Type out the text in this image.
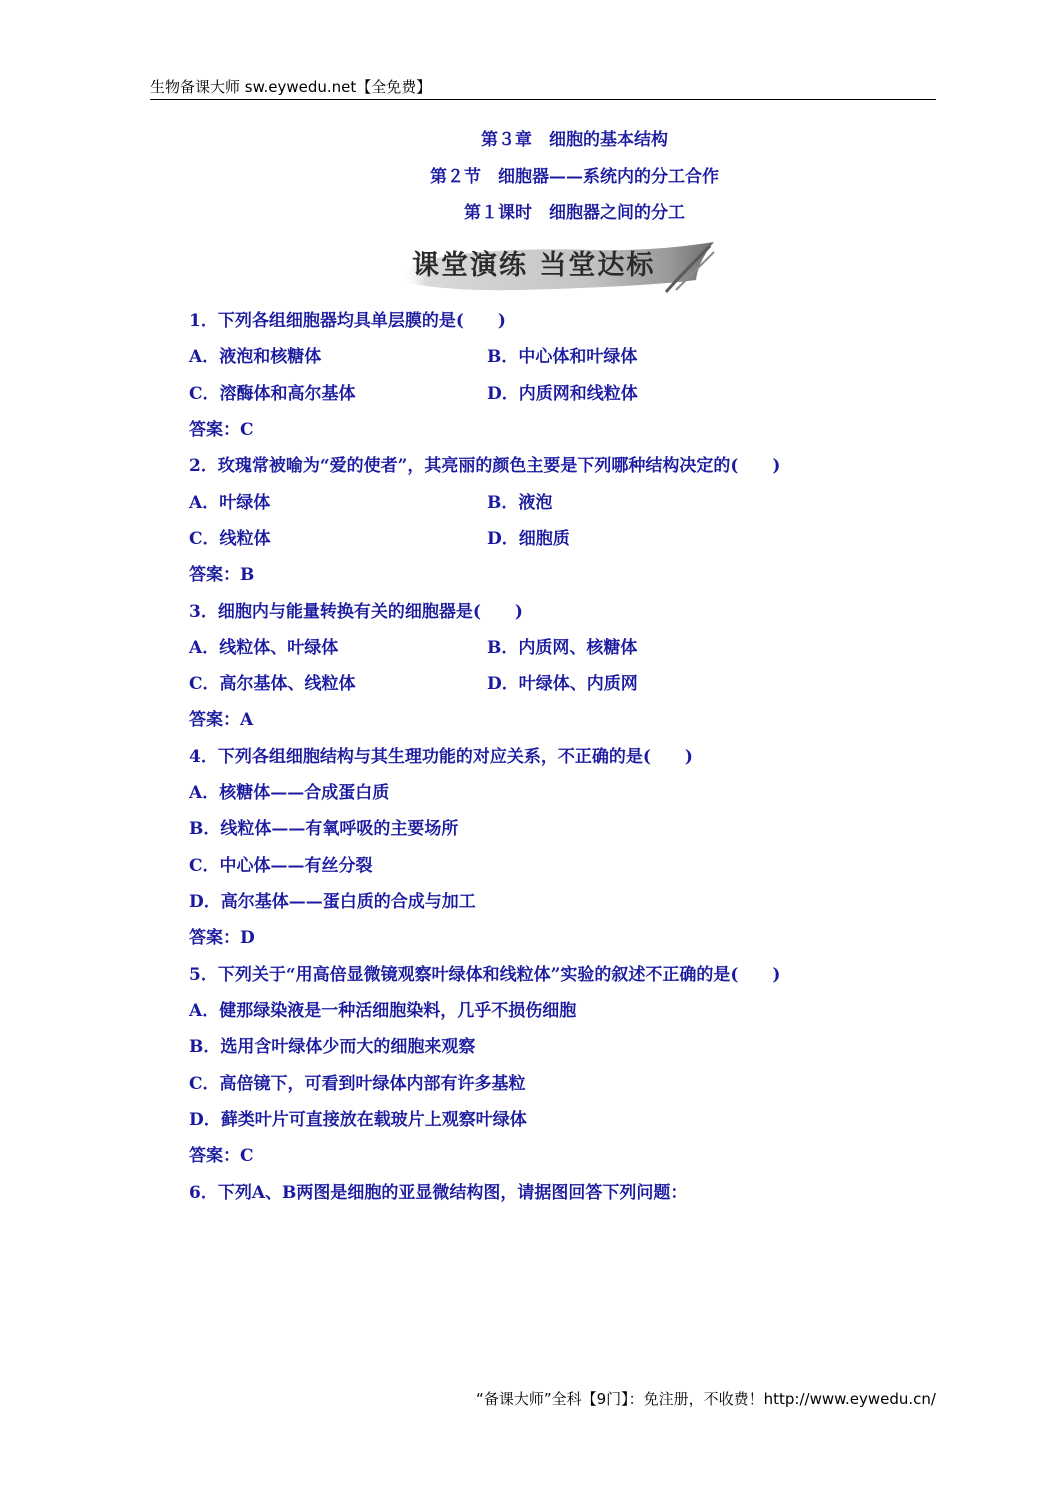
生物备课大师 sw.eywedu.net【全免费】
第３章　细胞的基本结构
第２节　细胞器——系统内的分工合作
第１课时　细胞器之间的分工
课堂演练 当堂达标
1．下列各组细胞器均具单层膜的是(　　)
A．液泡和核糖体	B．中心体和叶绿体
C．溶酶体和高尔基体	D．内质网和线粒体
答案：C
2．玫瑰常被喻为“爱的使者”，其亮丽的颜色主要是下列哪种结构决定的(　　)
A．叶绿体	B．液泡
C．线粒体	D．细胞质
答案：B
3．细胞内与能量转换有关的细胞器是(　　)
A．线粒体、叶绿体	B．内质网、核糖体
C．高尔基体、线粒体	D．叶绿体、内质网
答案：A
4．下列各组细胞结构与其生理功能的对应关系，不正确的是(　　)
A．核糖体——合成蛋白质
B．线粒体——有氧呼吸的主要场所
C．中心体——有丝分裂
D．高尔基体——蛋白质的合成与加工
答案：D
5．下列关于“用高倍显微镜观察叶绿体和线粒体”实验的叙述不正确的是(　　)
A．健那绿染液是一种活细胞染料，几乎不损伤细胞
B．选用含叶绿体少而大的细胞来观察
C．高倍镜下，可看到叶绿体内部有许多基粒
D．藓类叶片可直接放在载玻片上观察叶绿体
答案：C
6．下列A、B两图是细胞的亚显微结构图，请据图回答下列问题：
“备课大师”全科【9门】：免注册，不收费！http://www.eywedu.cn/
